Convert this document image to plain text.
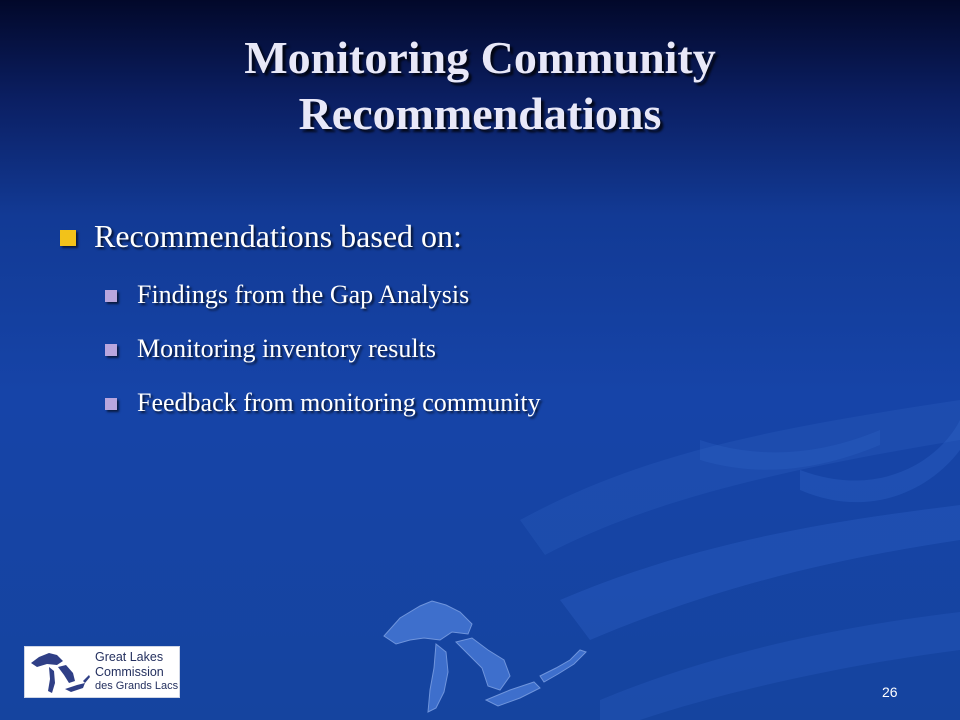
Monitoring Community
Recommendations
Recommendations based on:
Findings from the Gap Analysis
Monitoring inventory results
Feedback from monitoring community
Great Lakes
Commission
des Grands Lacs	26
